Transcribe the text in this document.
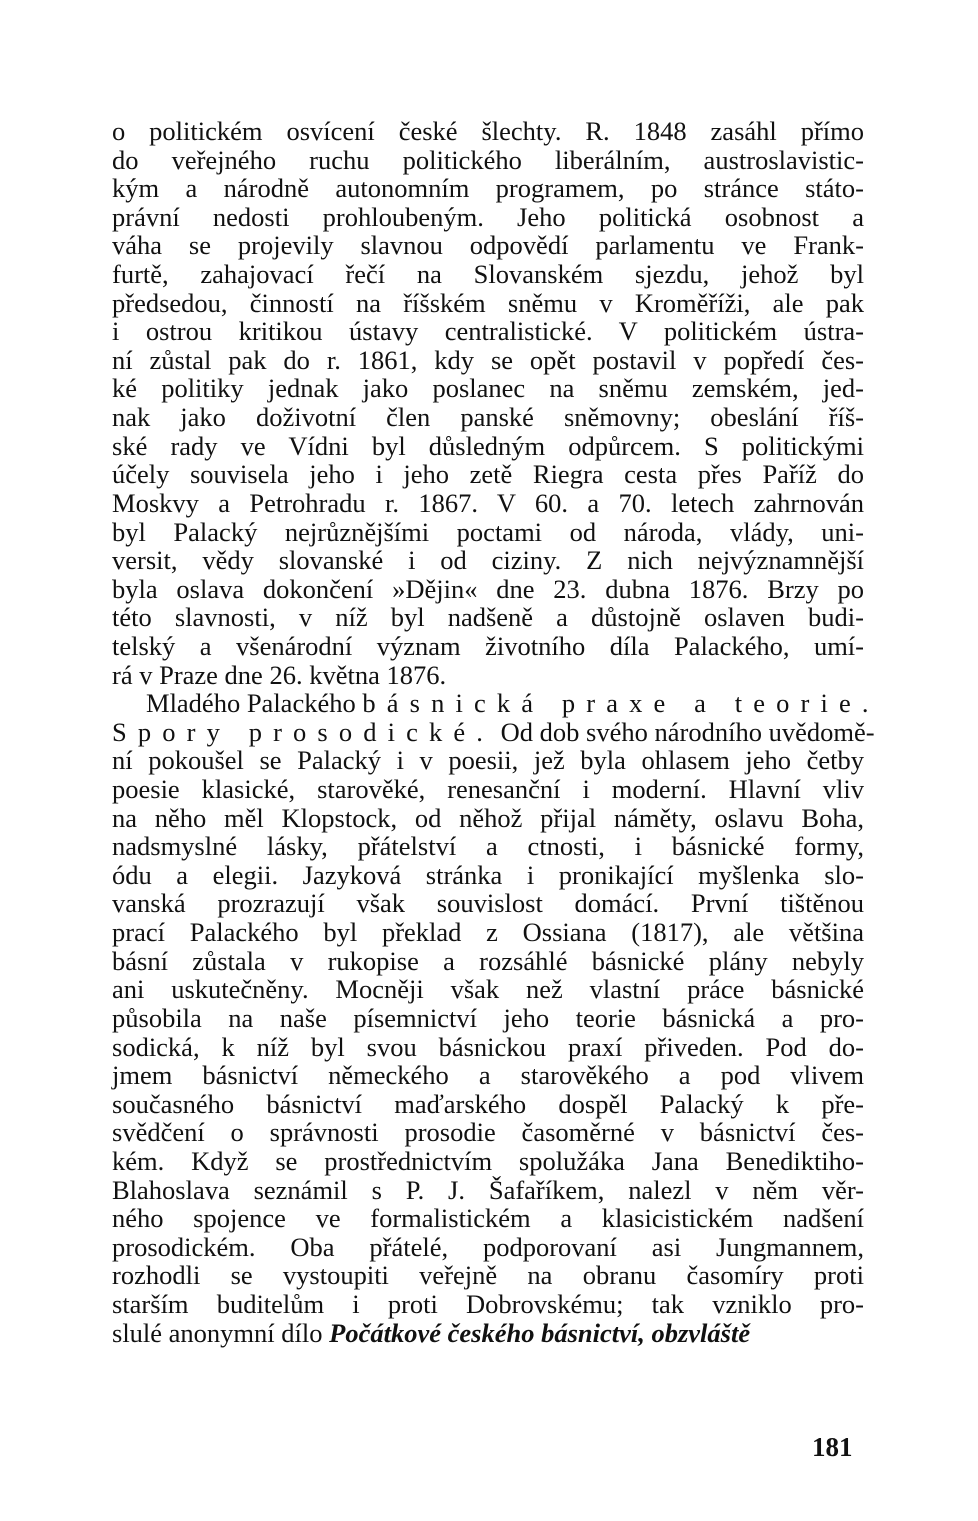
o politickém osvícení české šlechty. R. 1848 zasáhl přímo
do veřejného ruchu politického liberálním, austroslavistic-
kým a národně autonomním programem, po stránce státo-
právní nedosti prohloubeným. Jeho politická osobnost a
váha se projevily slavnou odpovědí parlamentu ve Frank-
furtě, zahajovací řečí na Slovanském sjezdu, jehož byl
předsedou, činností na říšském sněmu v Kroměříži, ale pak
i ostrou kritikou ústavy centralistické. V politickém ústra-
ní zůstal pak do r. 1861, kdy se opět postavil v popředí čes-
ké politiky jednak jako poslanec na sněmu zemském, jed-
nak jako doživotní člen panské sněmovny; obeslání říš-
ské rady ve Vídni byl důsledným odpůrcem. S politickými
účely souvisela jeho i jeho zetě Riegra cesta přes Paříž do
Moskvy a Petrohradu r. 1867. V 60. a 70. letech zahrnován
byl Palacký nejrůznějšími poctami od národa, vlády, uni-
versit, vědy slovanské i od ciziny. Z nich nejvýznamnější
byla oslava dokončení »Dějin« dne 23. dubna 1876. Brzy po
této slavnosti, v níž byl nadšeně a důstojně oslaven budi-
telský a všenárodní význam životního díla Palackého, umí-
rá v Praze dne 26. května 1876.
Mladého Palackého básnická praxe a teorie.
Spory prosodické. Od dob svého národního uvědomě-
ní pokoušel se Palacký i v poesii, jež byla ohlasem jeho četby
poesie klasické, starověké, renesanční i moderní. Hlavní vliv
na něho měl Klopstock, od něhož přijal náměty, oslavu Boha,
nadsmyslné lásky, přátelství a ctnosti, i básnické formy,
ódu a elegii. Jazyková stránka i pronikající myšlenka slo-
vanská prozrazují však souvislost domácí. První tištěnou
prací Palackého byl překlad z Ossiana (1817), ale většina
básní zůstala v rukopise a rozsáhlé básnické plány nebyly
ani uskutečněny. Mocněji však než vlastní práce básnické
působila na naše písemnictví jeho teorie básnická a pro-
sodická, k níž byl svou básnickou praxí přiveden. Pod do-
jmem básnictví německého a starověkého a pod vlivem
současného básnictví maďarského dospěl Palacký k pře-
svědčení o správnosti prosodie časoměrné v básnictví čes-
kém. Když se prostřednictvím spolužáka Jana Benediktiho-
Blahoslava seznámil s P. J. Šafaříkem, nalezl v něm věr-
ného spojence ve formalistickém a klasicistickém nadšení
prosodickém. Oba přátelé, podporovaní asi Jungmannem,
rozhodli se vystoupiti veřejně na obranu časomíry proti
starším buditelům i proti Dobrovskému; tak vzniklo pro-
slulé anonymní dílo Počátkové českého básnictví, obzvláště
181
